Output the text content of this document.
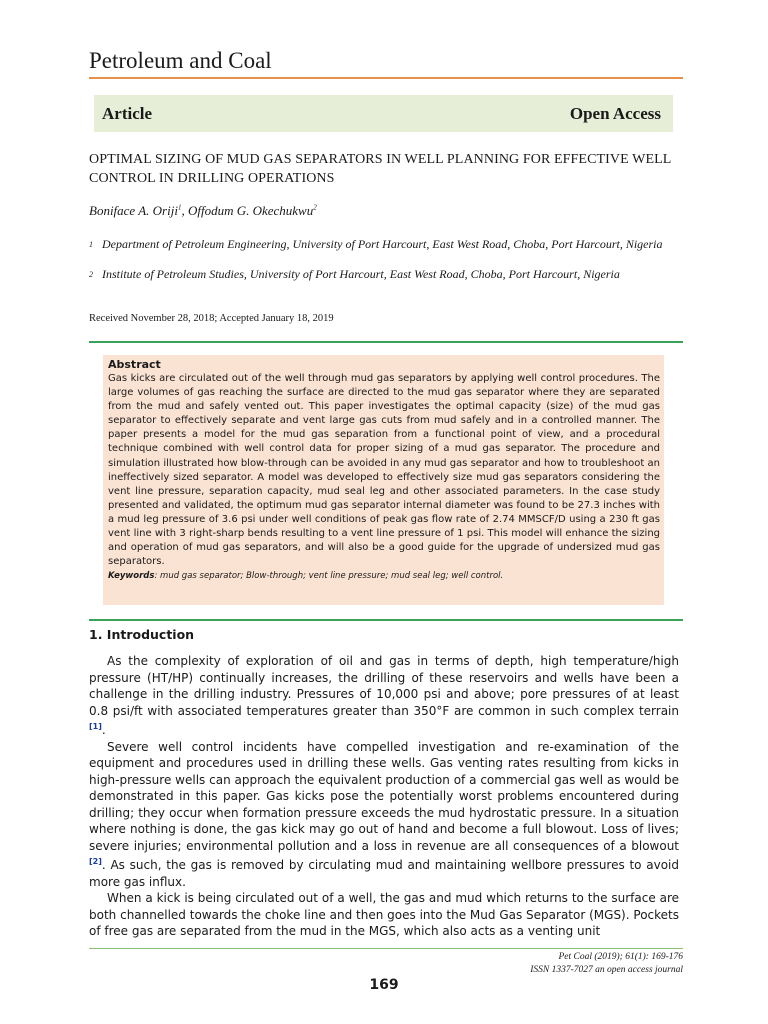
Petroleum and Coal
Article	Open Access
OPTIMAL SIZING OF MUD GAS SEPARATORS IN WELL PLANNING FOR EFFECTIVE WELL CONTROL IN DRILLING OPERATIONS
Boniface A. Oriji$^1$, Offodum G. Okechukwu$^2$
1 Department of Petroleum Engineering, University of Port Harcourt, East West Road, Choba, Port Harcourt, Nigeria
2 Institute of Petroleum Studies, University of Port Harcourt, East West Road, Choba, Port Harcourt, Nigeria
Received November 28, 2018; Accepted January 18, 2019
Abstract

Gas kicks are circulated out of the well through mud gas separators by applying well control procedures. The large volumes of gas reaching the surface are directed to the mud gas separator where they are separated from the mud and safely vented out. This paper investigates the optimal capacity (size) of the mud gas separator to effectively separate and vent large gas cuts from mud safely and in a controlled manner. The paper presents a model for the mud gas separation from a functional point of view, and a procedural technique combined with well control data for proper sizing of a mud gas separator. The procedure and simulation illustrated how blow-through can be avoided in any mud gas separator and how to troubleshoot an ineffectively sized separator. A model was developed to effectively size mud gas separators considering the vent line pressure, separation capacity, mud seal leg and other associated parameters. In the case study presented and validated, the optimum mud gas separator internal diameter was found to be 27.3 inches with a mud leg pressure of 3.6 psi under well conditions of peak gas flow rate of 2.74 MMSCF/D using a 230 ft gas vent line with 3 right-sharp bends resulting to a vent line pressure of 1 psi. This model will enhance the sizing and operation of mud gas separators, and will also be a good guide for the upgrade of undersized mud gas separators.

Keywords: mud gas separator; Blow-through; vent line pressure; mud seal leg; well control.
1. Introduction

As the complexity of exploration of oil and gas in terms of depth, high temperature/high pressure (HT/HP) continually increases, the drilling of these reservoirs and wells have been a challenge in the drilling industry. Pressures of 10,000 psi and above; pore pressures of at least 0.8 psi/ft with associated temperatures greater than 350°F are common in such complex terrain [1].

Severe well control incidents have compelled investigation and re-examination of the equipment and procedures used in drilling these wells. Gas venting rates resulting from kicks in high-pressure wells can approach the equivalent production of a commercial gas well as would be demonstrated in this paper. Gas kicks pose the potentially worst problems encountered during drilling; they occur when formation pressure exceeds the mud hydrostatic pressure. In a situation where nothing is done, the gas kick may go out of hand and become a full blowout. Loss of lives; severe injuries; environmental pollution and a loss in revenue are all consequences of a blowout [2]. As such, the gas is removed by circulating mud and maintaining wellbore pressures to avoid more gas influx.

When a kick is being circulated out of a well, the gas and mud which returns to the surface are both channelled towards the choke line and then goes into the Mud Gas Separator (MGS). Pockets of free gas are separated from the mud in the MGS, which also acts as a venting unit

Pet Coal (2019); 61(1): 169-176
ISSN 1337-7027 an open access journal
169
